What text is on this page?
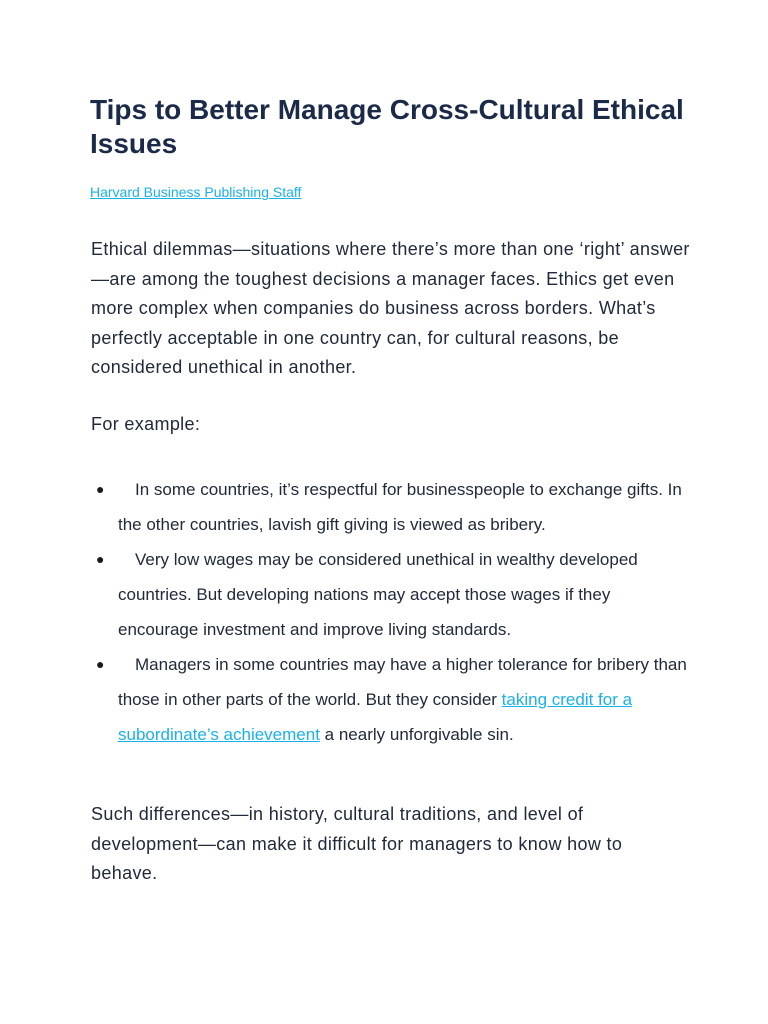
Tips to Better Manage Cross-Cultural Ethical Issues
Harvard Business Publishing Staff

Ethical dilemmas—situations where there’s more than one ‘right’ answer—are among the toughest decisions a manager faces. Ethics get even more complex when companies do business across borders. What’s perfectly acceptable in one country can, for cultural reasons, be considered unethical in another.

For example:

● In some countries, it’s respectful for businesspeople to exchange gifts. In the other countries, lavish gift giving is viewed as bribery.
● Very low wages may be considered unethical in wealthy developed countries. But developing nations may accept those wages if they encourage investment and improve living standards.
● Managers in some countries may have a higher tolerance for bribery than those in other parts of the world. But they consider taking credit for a subordinate’s achievement a nearly unforgivable sin.

Such differences—in history, cultural traditions, and level of development—can make it difficult for managers to know how to behave.
